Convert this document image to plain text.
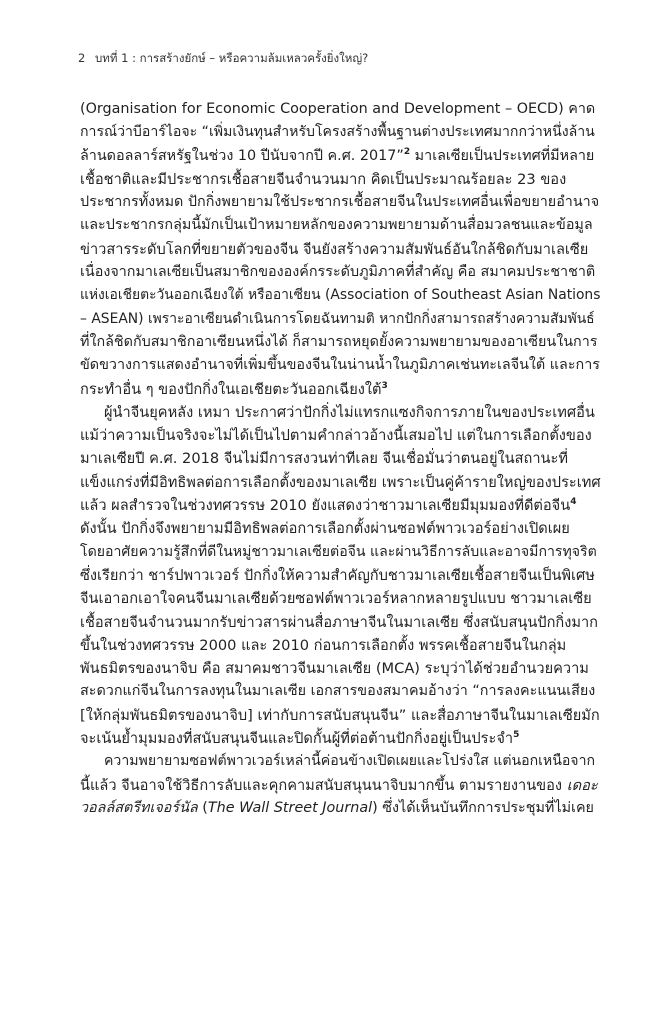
2 บทที่ 1 : การสร้างยักษ์ – หรือความล้มเหลวครั้งยิ่งใหญ่?
(Organisation for Economic Cooperation and Development – OECD) คาด
การณ์ว่าบีอาร์ไอจะ “เพิ่มเงินทุนสำหรับโครงสร้างพื้นฐานต่างประเทศมากกว่าหนึ่งล้าน
ล้านดอลลาร์สหรัฐในช่วง 10 ปีนับจากปี ค.ศ. 2017”$^2$ มาเลเซียเป็นประเทศที่มีหลาย
เชื้อชาติและมีประชากรเชื้อสายจีนจำนวนมาก คิดเป็นประมาณร้อยละ 23 ของ
ประชากรทั้งหมด ปักกิ่งพยายามใช้ประชากรเชื้อสายจีนในประเทศอื่นเพื่อขยายอำนาจ
และประชากรกลุ่มนี้มักเป็นเป้าหมายหลักของความพยายามด้านสื่อมวลชนและข้อมูล
ข่าวสารระดับโลกที่ขยายตัวของจีน จีนยังสร้างความสัมพันธ์อันใกล้ชิดกับมาเลเซีย
เนื่องจากมาเลเซียเป็นสมาชิกขององค์กรระดับภูมิภาคที่สำคัญ คือ สมาคมประชาชาติ
แห่งเอเชียตะวันออกเฉียงใต้ หรืออาเซียน (Association of Southeast Asian Nations
– ASEAN) เพราะอาเซียนดำเนินการโดยฉันทามติ หากปักกิ่งสามารถสร้างความสัมพันธ์
ที่ใกล้ชิดกับสมาชิกอาเซียนหนึ่งได้ ก็สามารถหยุดยั้งความพยายามของอาเซียนในการ
ขัดขวางการแสดงอำนาจที่เพิ่มขึ้นของจีนในน่านน้ำในภูมิภาคเช่นทะเลจีนใต้ และการ
กระทำอื่น ๆ ของปักกิ่งในเอเชียตะวันออกเฉียงใต้$^3$
ผู้นำจีนยุคหลัง เหมา ประกาศว่าปักกิ่งไม่แทรกแซงกิจการภายในของประเทศอื่น
แม้ว่าความเป็นจริงจะไม่ได้เป็นไปตามคำกล่าวอ้างนี้เสมอไป แต่ในการเลือกตั้งของ
มาเลเซียปี ค.ศ. 2018 จีนไม่มีการสงวนท่าทีเลย จีนเชื่อมั่นว่าตนอยู่ในสถานะที่
แข็งแกร่งที่มีอิทธิพลต่อการเลือกตั้งของมาเลเซีย เพราะเป็นคู่ค้ารายใหญ่ของประเทศ
แล้ว ผลสำรวจในช่วงทศวรรษ 2010 ยังแสดงว่าชาวมาเลเซียมีมุมมองที่ดีต่อจีน$^4$
ดังนั้น ปักกิ่งจึงพยายามมีอิทธิพลต่อการเลือกตั้งผ่านซอฟต์พาวเวอร์อย่างเปิดเผย
โดยอาศัยความรู้สึกที่ดีในหมู่ชาวมาเลเซียต่อจีน และผ่านวิธีการลับและอาจมีการทุจริต
ซึ่งเรียกว่า ชาร์ปพาวเวอร์ ปักกิ่งให้ความสำคัญกับชาวมาเลเซียเชื้อสายจีนเป็นพิเศษ
จีนเอาอกเอาใจคนจีนมาเลเซียด้วยซอฟต์พาวเวอร์หลากหลายรูปแบบ ชาวมาเลเซีย
เชื้อสายจีนจำนวนมากรับข่าวสารผ่านสื่อภาษาจีนในมาเลเซีย ซึ่งสนับสนุนปักกิ่งมาก
ขึ้นในช่วงทศวรรษ 2000 และ 2010 ก่อนการเลือกตั้ง พรรคเชื้อสายจีนในกลุ่ม
พันธมิตรของนาจิบ คือ สมาคมชาวจีนมาเลเซีย (MCA) ระบุว่าได้ช่วยอำนวยความ
สะดวกแก่จีนในการลงทุนในมาเลเซีย เอกสารของสมาคมอ้างว่า “การลงคะแนนเสียง
[ให้กลุ่มพันธมิตรของนาจิบ] เท่ากับการสนับสนุนจีน” และสื่อภาษาจีนในมาเลเซียมัก
จะเน้นย้ำมุมมองที่สนับสนุนจีนและปิดกั้นผู้ที่ต่อต้านปักกิ่งอยู่เป็นประจำ$^5$
ความพยายามซอฟต์พาวเวอร์เหล่านี้ค่อนข้างเปิดเผยและโปร่งใส แต่นอกเหนือจาก
นี้แล้ว จีนอาจใช้วิธีการลับและคุกคามสนับสนุนนาจิบมากขึ้น ตามรายงานของ เดอะ
วอลล์สตรีทเจอร์นัล (The Wall Street Journal) ซึ่งได้เห็นบันทึกการประชุมที่ไม่เคย
